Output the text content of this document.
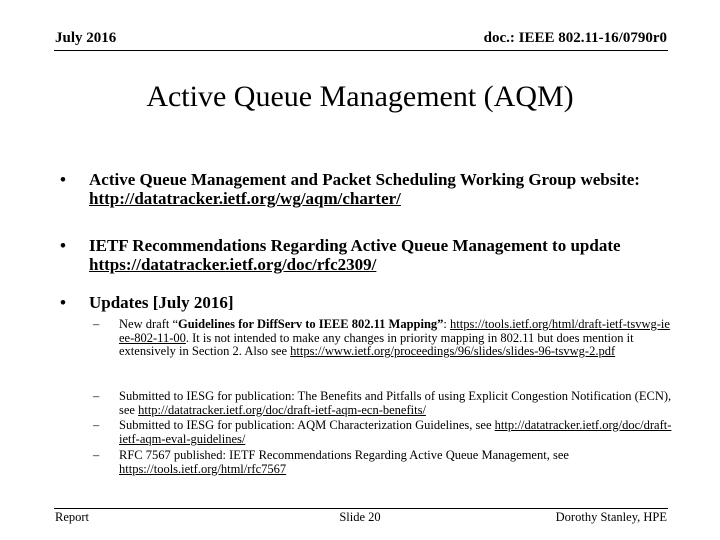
July 2016	doc.: IEEE 802.11-16/0790r0
Active Queue Management (AQM)
• Active Queue Management and Packet Scheduling Working Group website: http://datatracker.ietf.org/wg/aqm/charter/
• IETF Recommendations Regarding Active Queue Management to update https://datatracker.ietf.org/doc/rfc2309/
• Updates [July 2016]
– New draft “Guidelines for DiffServ to IEEE 802.11 Mapping”: https://tools.ietf.org/html/draft-ietf-tsvwg-ieee-802-11-00. It is not intended to make any changes in priority mapping in 802.11 but does mention it extensively in Section 2. Also see https://www.ietf.org/proceedings/96/slides/slides-96-tsvwg-2.pdf
– Submitted to IESG for publication: The Benefits and Pitfalls of using Explicit Congestion Notification (ECN), see http://datatracker.ietf.org/doc/draft-ietf-aqm-ecn-benefits/
– Submitted to IESG for publication: AQM Characterization Guidelines, see http://datatracker.ietf.org/doc/draft-ietf-aqm-eval-guidelines/
– RFC 7567 published: IETF Recommendations Regarding Active Queue Management, see https://tools.ietf.org/html/rfc7567
Report	Slide 20	Dorothy Stanley, HPE
